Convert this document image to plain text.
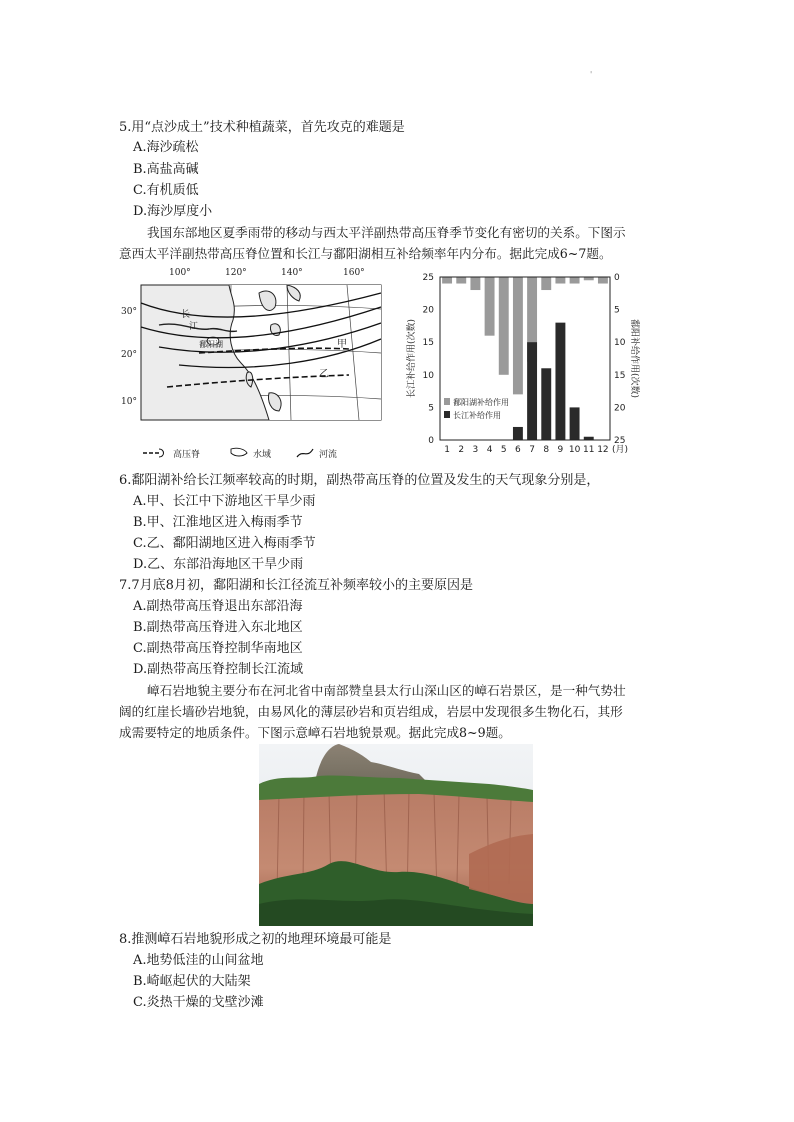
'
5.用“点沙成土”技术种植蔬菜，首先攻克的难题是
A.海沙疏松
B.高盐高碱
C.有机质低
D.海沙厚度小
我国东部地区夏季雨带的移动与西太平洋副热带高压脊季节变化有密切的关系。下图示
意西太平洋副热带高压脊位置和长江与鄱阳湖相互补给频率年内分布。据此完成6~7题。
100°	120°	140°	160°
30°
20°
10°
长
江
鄱阳湖	甲
乙
高压脊	水域	河流	1 2 3 4 5 6 7 8 9 10 11 12 (月)
0
5
10
15
20
25	0
5
10
15
20
25
长江补给作用(次数)	鄱阳补给作用(次数)
鄱阳湖补给作用
长江补给作用
6.鄱阳湖补给长江频率较高的时期，副热带高压脊的位置及发生的天气现象分别是，
A.甲、长江中下游地区干旱少雨
B.甲、江淮地区进入梅雨季节
C.乙、鄱阳湖地区进入梅雨季节
D.乙、东部沿海地区干旱少雨
7.7月底8月初，鄱阳湖和长江径流互补频率较小的主要原因是
A.副热带高压脊退出东部沿海
B.副热带高压脊进入东北地区
C.副热带高压脊控制华南地区
D.副热带高压脊控制长江流域
嶂石岩地貌主要分布在河北省中南部赞皇县太行山深山区的嶂石岩景区，是一种气势壮
阔的红崖长墙砂岩地貌，由易风化的薄层砂岩和页岩组成，岩层中发现很多生物化石，其形
成需要特定的地质条件。下图示意嶂石岩地貌景观。据此完成8~9题。
8.推测嶂石岩地貌形成之初的地理环境最可能是
A.地势低洼的山间盆地
B.崎岖起伏的大陆架
C.炎热干燥的戈壁沙滩
